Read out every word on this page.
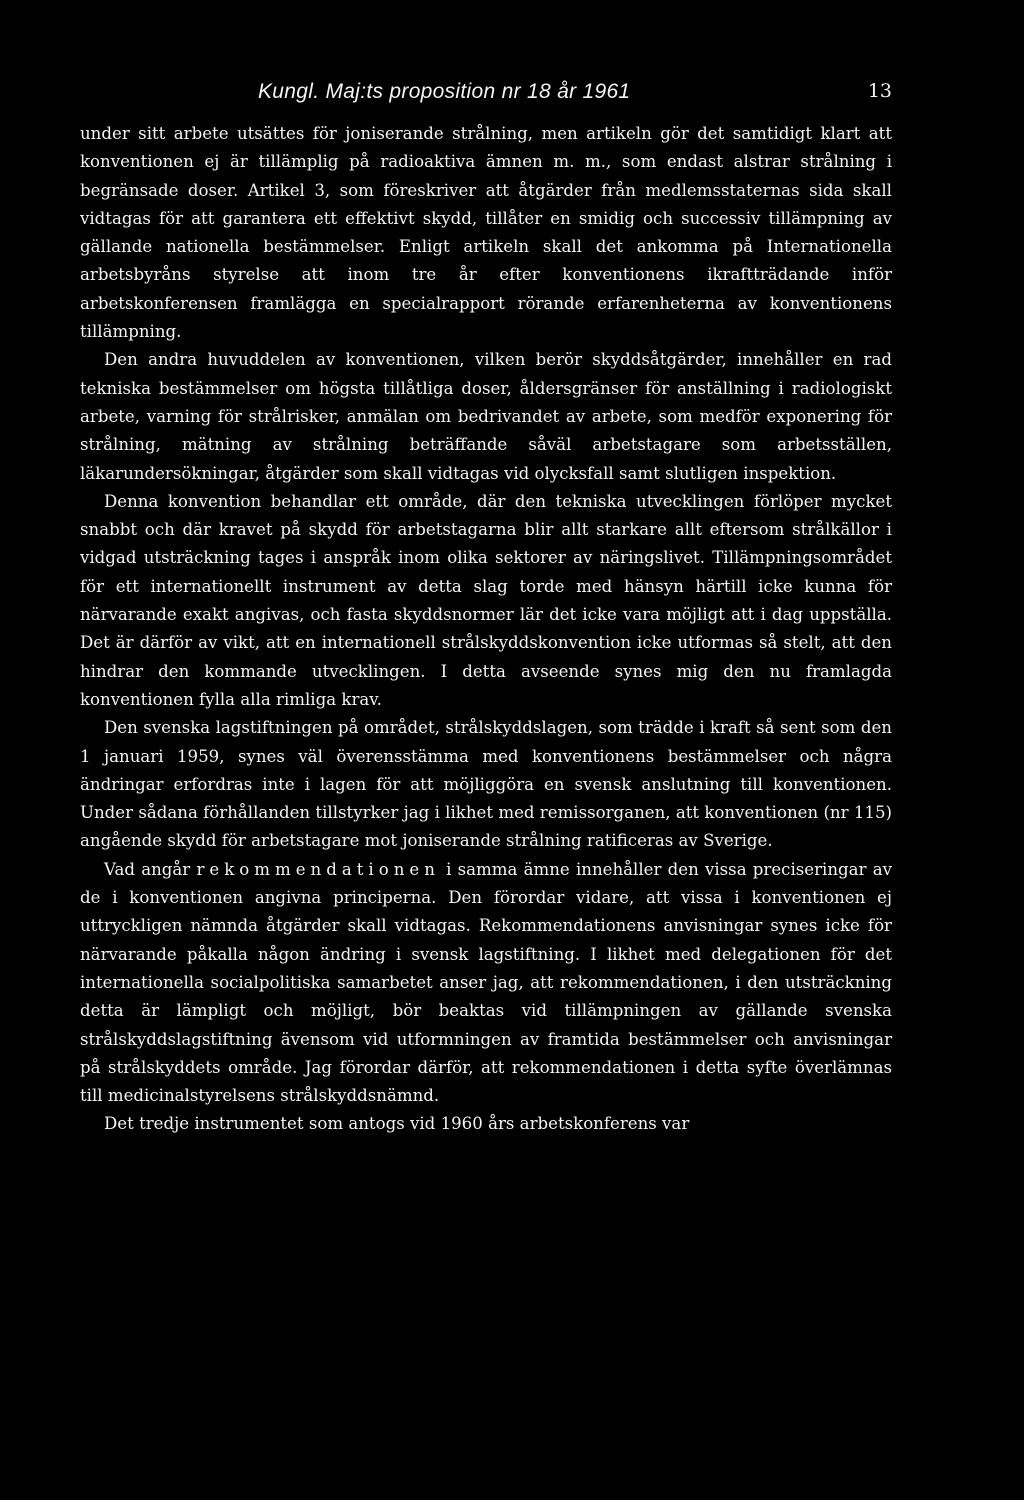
Kungl. Maj:ts proposition nr 18 år 1961	13

under sitt arbete utsättes för joniserande strålning, men artikeln gör det samtidigt klart att konventionen ej är tillämplig på radioaktiva ämnen m. m., som endast alstrar strålning i begränsade doser. Artikel 3, som föreskriver att åtgärder från medlemsstaternas sida skall vidtagas för att garantera ett effektivt skydd, tillåter en smidig och successiv tillämpning av gällande nationella bestämmelser. Enligt artikeln skall det ankomma på Internationella arbetsbyråns styrelse att inom tre år efter konventionens ikraftträdande inför arbetskonferensen framlägga en specialrapport rörande erfarenheterna av konventionens tillämpning.

Den andra huvuddelen av konventionen, vilken berör skyddsåtgärder, innehåller en rad tekniska bestämmelser om högsta tillåtliga doser, åldersgränser för anställning i radiologiskt arbete, varning för strålrisker, anmälan om bedrivandet av arbete, som medför exponering för strålning, mätning av strålning beträffande såväl arbetstagare som arbetsställen, läkarundersökningar, åtgärder som skall vidtagas vid olycksfall samt slutligen inspektion.

Denna konvention behandlar ett område, där den tekniska utvecklingen förlöper mycket snabbt och där kravet på skydd för arbetstagarna blir allt starkare allt eftersom strålkällor i vidgad utsträckning tages i anspråk inom olika sektorer av näringslivet. Tillämpningsområdet för ett internationellt instrument av detta slag torde med hänsyn härtill icke kunna för närvarande exakt angivas, och fasta skyddsnormer lär det icke vara möjligt att i dag uppställa. Det är därför av vikt, att en internationell strålskyddskonvention icke utformas så stelt, att den hindrar den kommande utvecklingen. I detta avseende synes mig den nu framlagda konventionen fylla alla rimliga krav.

Den svenska lagstiftningen på området, strålskyddslagen, som trädde i kraft så sent som den 1 januari 1959, synes väl överensstämma med konventionens bestämmelser och några ändringar erfordras inte i lagen för att möjliggöra en svensk anslutning till konventionen. Under sådana förhållanden tillstyrker jag i likhet med remissorganen, att konventionen (nr 115) angående skydd för arbetstagare mot joniserande strålning ratificeras av Sverige.

Vad angår rekommendationen i samma ämne innehåller den vissa preciseringar av de i konventionen angivna principerna. Den förordar vidare, att vissa i konventionen ej uttryckligen nämnda åtgärder skall vidtagas. Rekommendationens anvisningar synes icke för närvarande påkalla någon ändring i svensk lagstiftning. I likhet med delegationen för det internationella socialpolitiska samarbetet anser jag, att rekommendationen, i den utsträckning detta är lämpligt och möjligt, bör beaktas vid tillämpningen av gällande svenska strålskyddslagstiftning ävensom vid utformningen av framtida bestämmelser och anvisningar på strålskyddets område. Jag förordar därför, att rekommendationen i detta syfte överlämnas till medicinalstyrelsens strålskyddsnämnd.

Det tredje instrumentet som antogs vid 1960 års arbetskonferens var
